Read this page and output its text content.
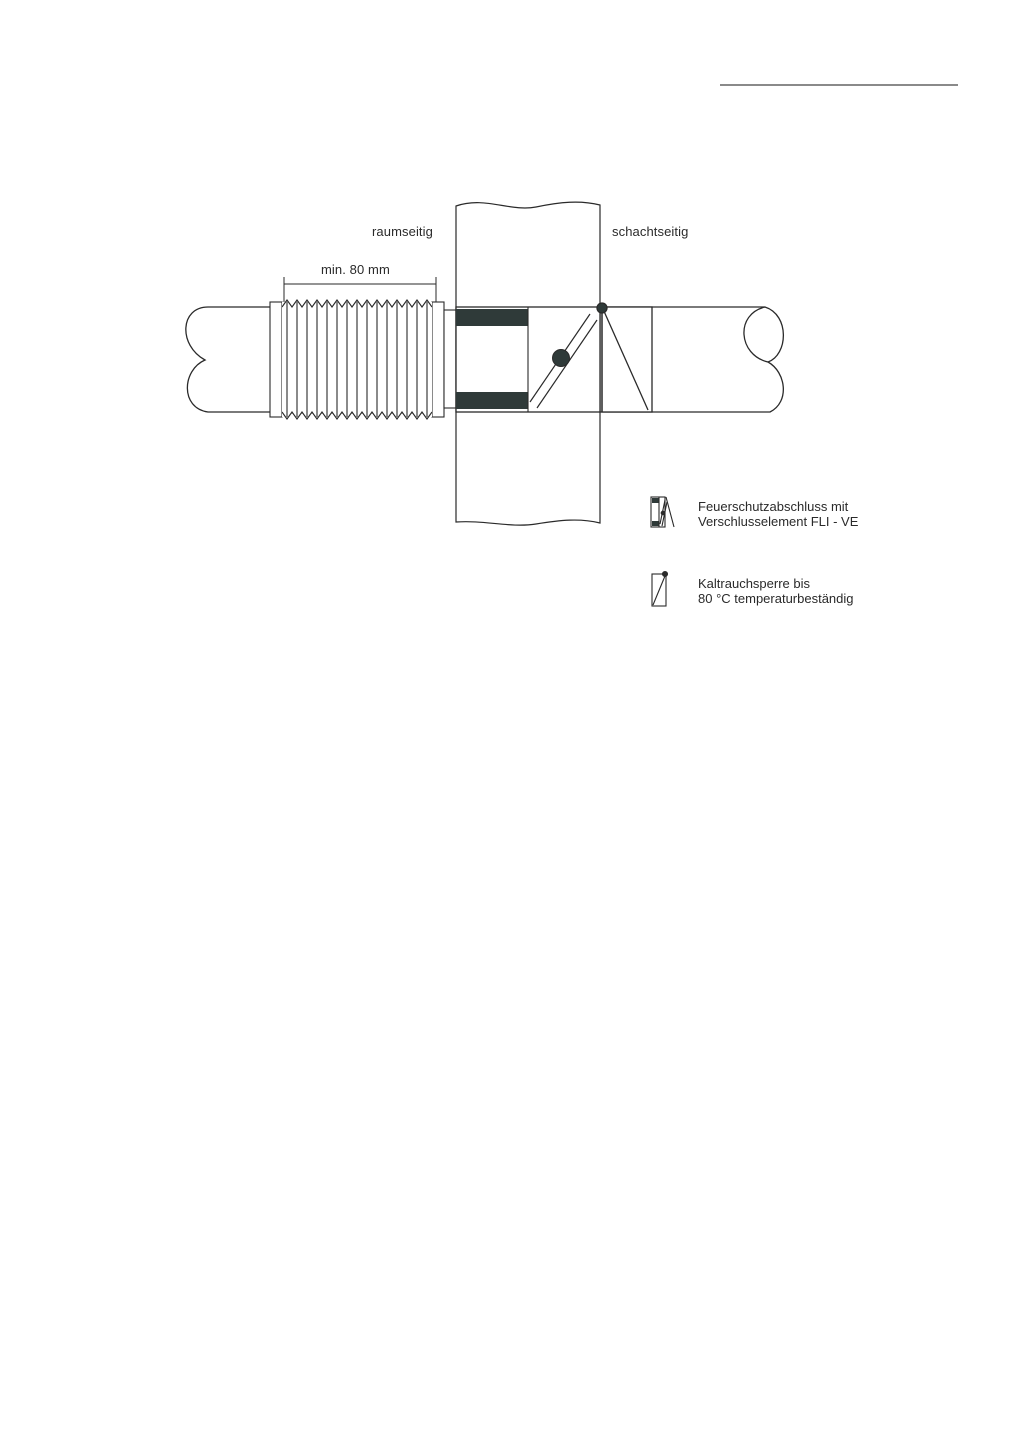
raumseitig	schachtseitig
min. 80 mm
Feuerschutzabschluss mit
Verschlusselement FLI - VE
Kaltrauchsperre bis
80 °C temperaturbeständig
